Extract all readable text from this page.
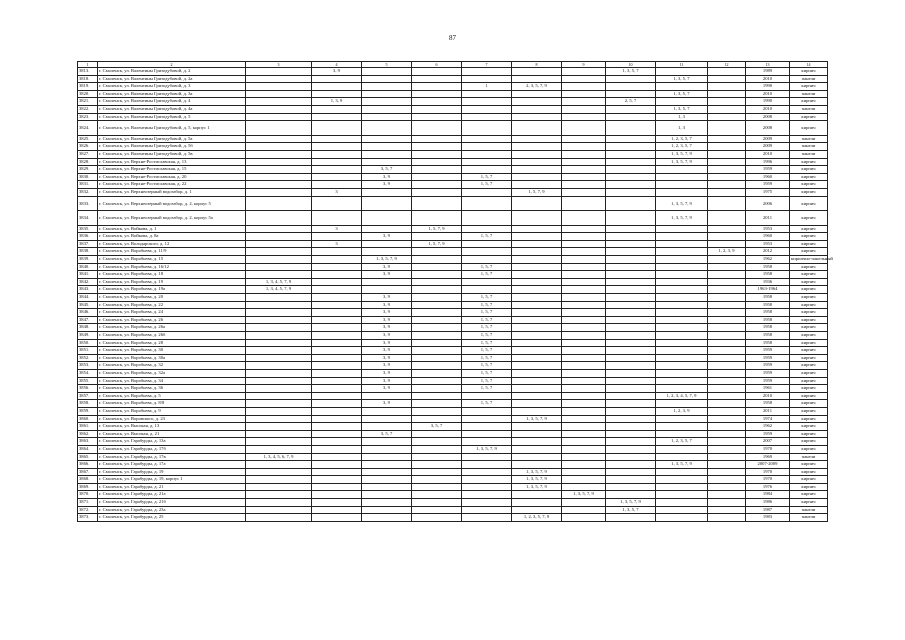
87
1	2	3	4	5	6	7	8	9	10	11	12	13	14
3813.	г. Смоленск, ул. Валентины Гризодубовой, д. 2		3, 9						1, 3, 5, 7			1989	кирпич
3818.	г. Смоленск, ул. Валентины Гризодубовой, д. 2а									1, 3, 5, 7		2010	панели
3819.	г. Смоленск, ул. Валентины Гризодубовой, д. 3					1	2, 3, 5, 7, 9					1990	кирпич
3820.	г. Смоленск, ул. Валентины Гризодубовой, д. 3а									1, 3, 5, 7		2010	панели
3821.	г. Смоленск, ул. Валентины Гризодубовой, д. 4		1, 3, 9						2, 5, 7			1990	кирпич
3822.	г. Смоленск, ул. Валентины Гризодубовой, д. 4а									1, 3, 5, 7		2010	панели
3823.	г. Смоленск, ул. Валентины Гризодубовой, д. 5									1, 3		2008	кирпич
3824.	г. Смоленск, ул. Валентины Гризодубовой, д. 5, корпус 1									1, 3		2008	кирпич
3825.	г. Смоленск, ул. Валентины Гризодубовой, д. 5а									1, 2, 3, 5, 7		2009	панели
3826.	г. Смоленск, ул. Валентины Гризодубовой, д. 5б									1, 2, 3, 5, 7		2009	панели
3827.	г. Смоленск, ул. Валентины Гризодубовой, д. 5в									1, 3, 5, 7, 9		2010	панели
3828.	г. Смоленск, ул. Верхне-Ростиславская, д. 13									1, 3, 5, 7, 9		1996	кирпич
3829.	г. Смоленск, ул. Верхне-Ростиславская, д. 15			3, 5, 7								1959	кирпич
3830.	г. Смоленск, ул. Верхне-Ростиславская, д. 20			3, 9		1, 5, 7						1960	кирпич
3831.	г. Смоленск, ул. Верхне-Ростиславская, д. 22			3, 9		1, 5, 7						1959	кирпич
3832.	г. Смоленск, ул. Верхнеозерный водозабор, д. 1		3				1, 5, 7, 9					1975	кирпич
3833.	г. Смоленск, ул. Верхнеозерный водозабор, д. 2, корпус 5									1, 3, 5, 7, 9		2006	кирпич
3834.	г. Смоленск, ул. Верхнеозерный водозабор, д. 2, корпус 5а									1, 3, 5, 7, 9		2011	кирпич
3835.	г. Смоленск, ул. Войкова, д. 1		3		1, 5, 7, 9							1953	кирпич
3836.	г. Смоленск, ул. Войкова, д. 8а			3, 9		1, 5, 7						1960	кирпич
3837.	г. Смоленск, ул. Володарского, д. 12		3		1, 5, 7, 9							1953	кирпич
3838.	г. Смоленск, ул. Воробьева, д. 11/9										1, 2, 3, 9	2012	кирпич
3839.	г. Смоленск, ул. Воробьева, д. 15			1, 3, 5, 7, 9								1962	кирпично-панельный
3840.	г. Смоленск, ул. Воробьева, д. 16/12			3, 9		1, 5, 7						1958	кирпич
3841.	г. Смоленск, ул. Воробьева, д. 18			3, 9		1, 5, 7						1958	кирпич
3842.	г. Смоленск, ул. Воробьева, д. 19	1, 3, 4, 5, 7, 9										1936	кирпич
3843.	г. Смоленск, ул. Воробьева, д. 19а	1, 3, 4, 5, 7, 9										1963-1964	кирпич
3844.	г. Смоленск, ул. Воробьева, д. 20			3, 9		1, 5, 7						1958	кирпич
3845.	г. Смоленск, ул. Воробьева, д. 22			3, 9		1, 5, 7						1958	кирпич
3846.	г. Смоленск, ул. Воробьева, д. 24			3, 9		1, 5, 7						1958	кирпич
3847.	г. Смоленск, ул. Воробьева, д. 26			3, 9		1, 5, 7						1958	кирпич
3848.	г. Смоленск, ул. Воробьева, д. 26а			3, 9		1, 5, 7						1958	кирпич
3849.	г. Смоленск, ул. Воробьева, д. 26б			3, 9		1, 5, 7						1958	кирпич
3850.	г. Смоленск, ул. Воробьева, д. 28			3, 9		1, 5, 7						1958	кирпич
3851.	г. Смоленск, ул. Воробьева, д. 30			3, 9		1, 5, 7						1959	кирпич
3852.	г. Смоленск, ул. Воробьева, д. 30а			3, 9		1, 5, 7						1959	кирпич
3853.	г. Смоленск, ул. Воробьева, д. 32			3, 9		1, 5, 7						1959	кирпич
3854.	г. Смоленск, ул. Воробьева, д. 32а			3, 9		1, 5, 7						1959	кирпич
3855.	г. Смоленск, ул. Воробьева, д. 34			3, 9		1, 5, 7						1959	кирпич
3856.	г. Смоленск, ул. Воробьева, д. 36			3, 9		1, 5, 7						1961	кирпич
3857.	г. Смоленск, ул. Воробьева, д. 5									1, 2, 3, 4, 5, 7, 9		2010	кирпич
3858.	г. Смоленск, ул. Воробьева, д. 8/8			3, 9		1, 5, 7						1958	кирпич
3859.	г. Смоленск, ул. Воробьева, д. 9									1, 2, 3, 9		2011	кирпич
3860.	г. Смоленск, ул. Воровского, д. 23						1, 3, 5, 7, 9					1974	кирпич
3861.	г. Смоленск, ул. Высокая, д. 13				3, 5, 7							1962	кирпич
3862.	г. Смоленск, ул. Высокая, д. 21			3, 5, 7								1959	кирпич
3863.	г. Смоленск, ул. Гарабурды, д. 13а									1, 2, 3, 5, 7		2007	кирпич
3864.	г. Смоленск, ул. Гарабурды, д. 17б					1, 3, 5, 7, 9						1970	кирпич
3865.	г. Смоленск, ул. Гарабурды, д. 17в	1, 3, 4, 5, 6, 7, 9										1969	панели
3866.	г. Смоленск, ул. Гарабурды, д. 17а									1, 3, 5, 7, 9		2007-2009	кирпич
3867.	г. Смоленск, ул. Гарабурды, д. 19						1, 3, 5, 7, 9					1970	кирпич
3868.	г. Смоленск, ул. Гарабурды, д. 19, корпус 1						1, 3, 5, 7, 9					1970	кирпич
3869.	г. Смоленск, ул. Гарабурды, д. 21						1, 3, 5, 7, 9					1976	кирпич
3870.	г. Смоленск, ул. Гарабурды, д. 21а							1, 3, 5, 7, 9				1984	кирпич
3871.	г. Смоленск, ул. Гарабурды, д. 21б								1, 3, 5, 7, 9			1986	кирпич
3872.	г. Смоленск, ул. Гарабурды, д. 23а								1, 3, 5, 7			1987	панели
3873.	г. Смоленск, ул. Гарабурды, д. 25						1, 2, 3, 5, 7, 9					1983	панели
